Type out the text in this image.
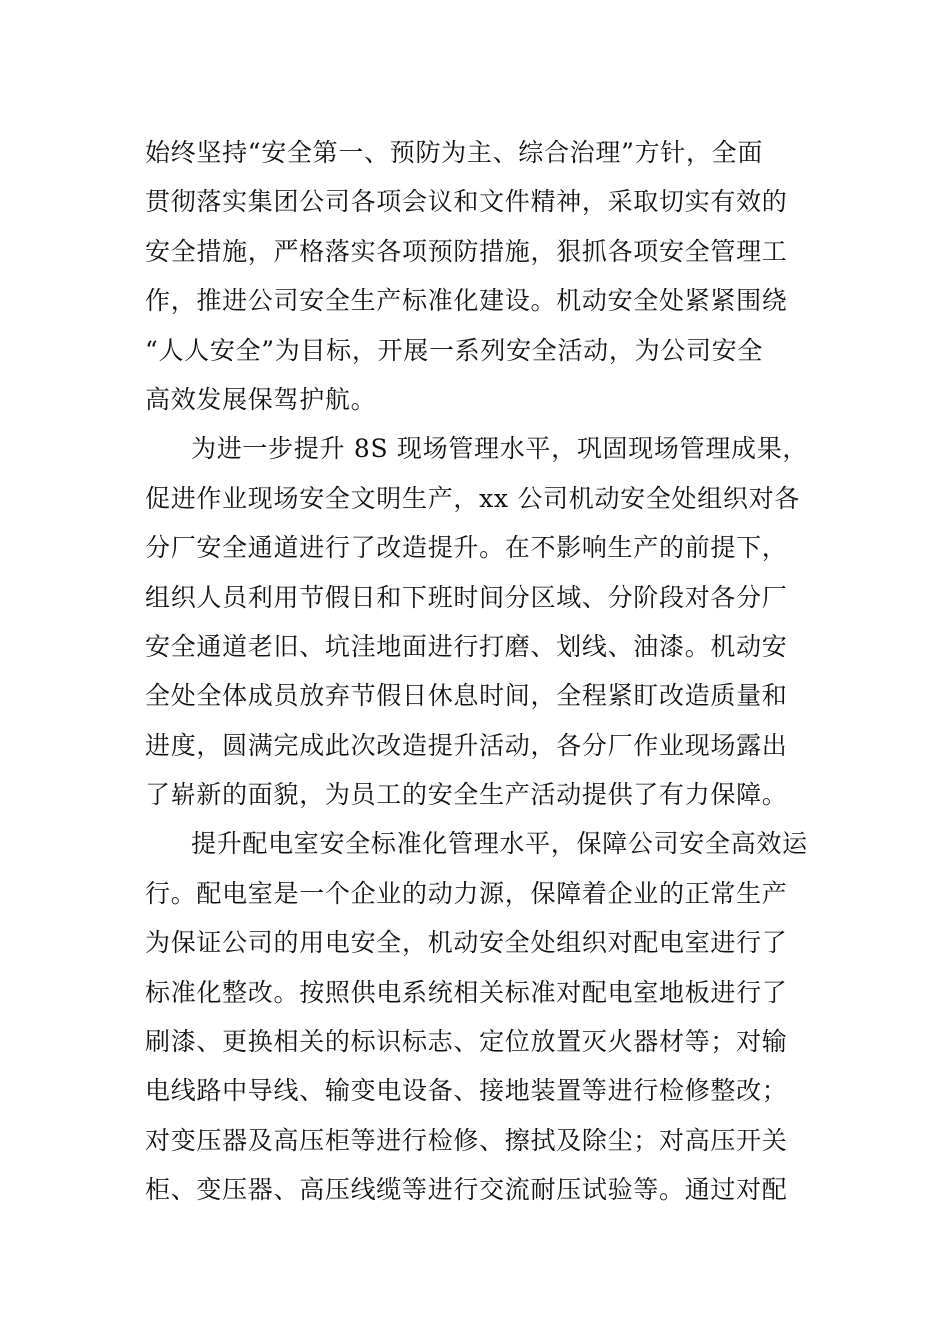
始终坚持“安全第一、预防为主、综合治理”方针，全面
贯彻落实集团公司各项会议和文件精神，采取切实有效的
安全措施，严格落实各项预防措施，狠抓各项安全管理工
作，推进公司安全生产标准化建设。机动安全处紧紧围绕
“人人安全”为目标，开展一系列安全活动，为公司安全
高效发展保驾护航。
为进一步提升 8S 现场管理水平，巩固现场管理成果，
促进作业现场安全文明生产，xx 公司机动安全处组织对各
分厂安全通道进行了改造提升。在不影响生产的前提下，
组织人员利用节假日和下班时间分区域、分阶段对各分厂
安全通道老旧、坑洼地面进行打磨、划线、油漆。机动安
全处全体成员放弃节假日休息时间，全程紧盯改造质量和
进度，圆满完成此次改造提升活动，各分厂作业现场露出
了崭新的面貌，为员工的安全生产活动提供了有力保障。
提升配电室安全标准化管理水平，保障公司安全高效运
行。配电室是一个企业的动力源，保障着企业的正常生产
为保证公司的用电安全，机动安全处组织对配电室进行了
标准化整改。按照供电系统相关标准对配电室地板进行了
刷漆、更换相关的标识标志、定位放置灭火器材等；对输
电线路中导线、输变电设备、接地装置等进行检修整改；
对变压器及高压柜等进行检修、擦拭及除尘；对高压开关
柜、变压器、高压线缆等进行交流耐压试验等。通过对配
